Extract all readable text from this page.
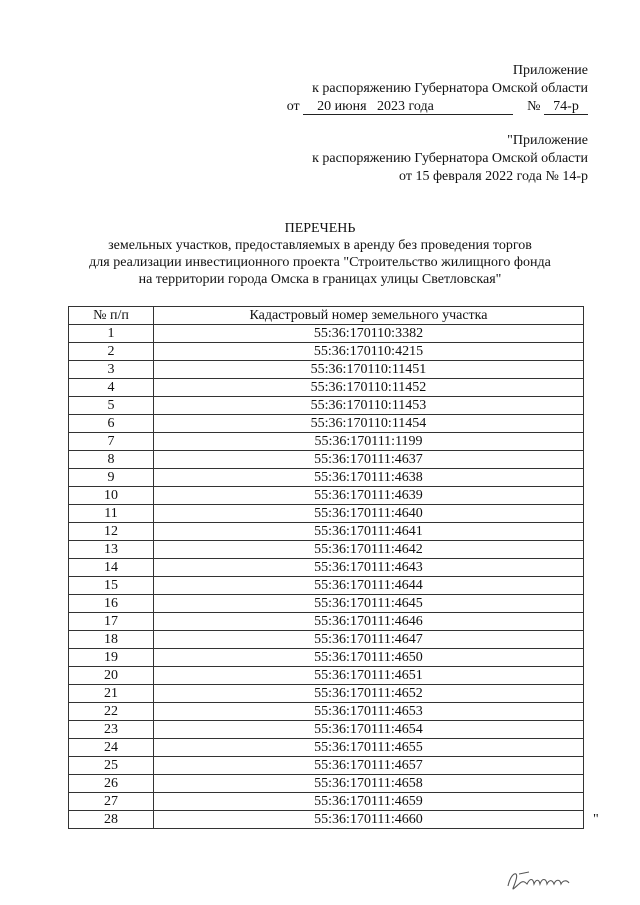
Приложение
к распоряжению Губернатора Омской области
от 20 июня 2023 года	№ 74-р
"Приложение
к распоряжению Губернатора Омской области
от 15 февраля 2022 года № 14-р
ПЕРЕЧЕНЬ
земельных участков, предоставляемых в аренду без проведения торгов
для реализации инвестиционного проекта "Строительство жилищного фонда
на территории города Омска в границах улицы Светловская"
№ п/п	Кадастровый номер земельного участка
1	55:36:170110:3382
2	55:36:170110:4215
3	55:36:170110:11451
4	55:36:170110:11452
5	55:36:170110:11453
6	55:36:170110:11454
7	55:36:170111:1199
8	55:36:170111:4637
9	55:36:170111:4638
10	55:36:170111:4639
11	55:36:170111:4640
12	55:36:170111:4641
13	55:36:170111:4642
14	55:36:170111:4643
15	55:36:170111:4644
16	55:36:170111:4645
17	55:36:170111:4646
18	55:36:170111:4647
19	55:36:170111:4650
20	55:36:170111:4651
21	55:36:170111:4652
22	55:36:170111:4653
23	55:36:170111:4654
24	55:36:170111:4655
25	55:36:170111:4657
26	55:36:170111:4658
27	55:36:170111:4659
28	55:36:170111:4660	"
